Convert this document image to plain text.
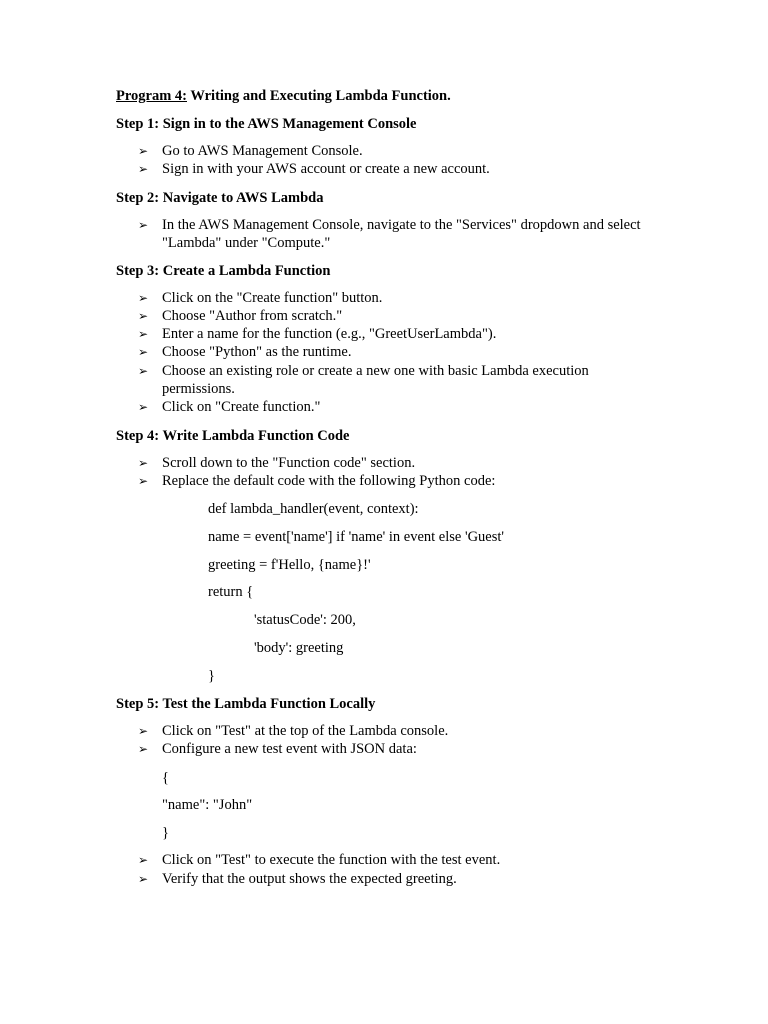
Program 4: Writing and Executing Lambda Function.
Step 1: Sign in to the AWS Management Console
➢ Go to AWS Management Console.
➢ Sign in with your AWS account or create a new account.
Step 2: Navigate to AWS Lambda
➢ In the AWS Management Console, navigate to the "Services" dropdown and select
"Lambda" under "Compute."
Step 3: Create a Lambda Function
➢ Click on the "Create function" button.
➢ Choose "Author from scratch."
➢ Enter a name for the function (e.g., "GreetUserLambda").
➢ Choose "Python" as the runtime.
➢ Choose an existing role or create a new one with basic Lambda execution
permissions.
➢ Click on "Create function."
Step 4: Write Lambda Function Code
➢ Scroll down to the "Function code" section.
➢ Replace the default code with the following Python code:
def lambda_handler(event, context):
name = event['name'] if 'name' in event else 'Guest'
greeting = f'Hello, {name}!'
return {
'statusCode': 200,
'body': greeting
}
Step 5: Test the Lambda Function Locally
➢ Click on "Test" at the top of the Lambda console.
➢ Configure a new test event with JSON data:
{
"name": "John"
}
➢ Click on "Test" to execute the function with the test event.
➢ Verify that the output shows the expected greeting.
